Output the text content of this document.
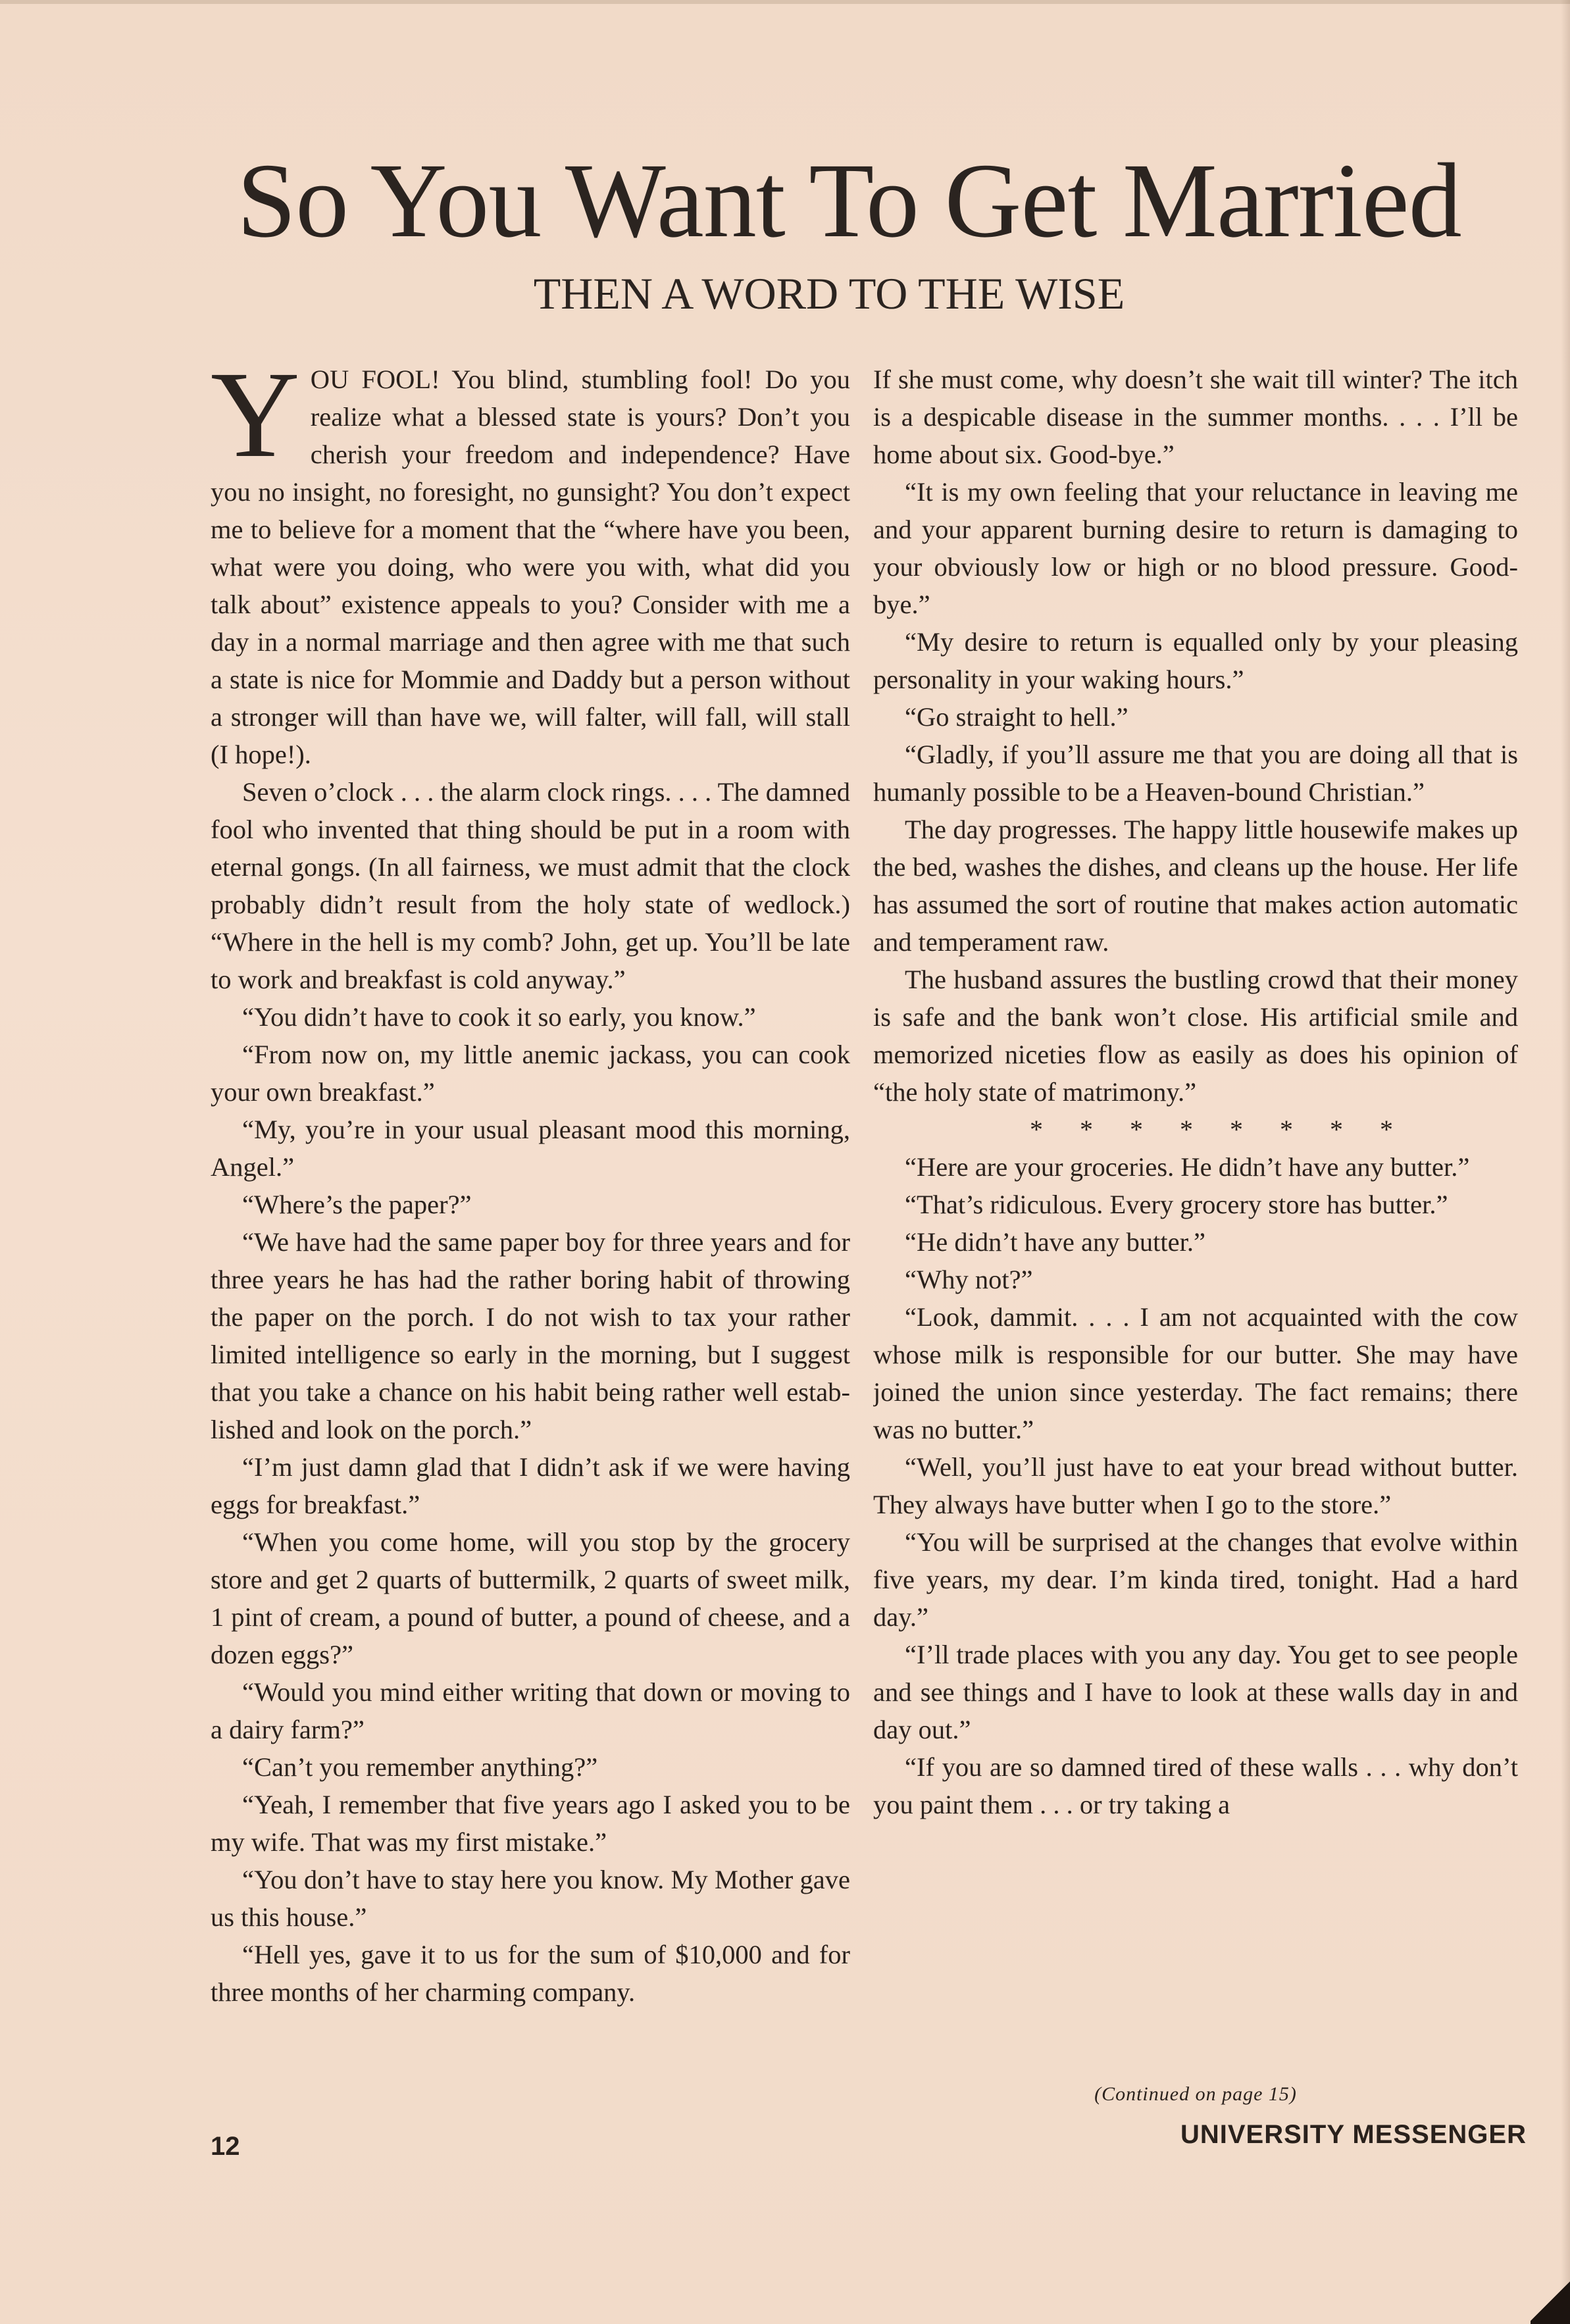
So You Want To Get Married
THEN A WORD TO THE WISE

YOU FOOL! You blind, stumbling fool! Do you realize what a blessed state is yours? Don’t you cherish your freedom and independence? Have you no insight, no foresight, no gunsight? You don’t expect me to believe for a moment that the “where have you been, what were you doing, who were you with, what did you talk about” existence appeals to you? Consider with me a day in a normal marriage and then agree with me that such a state is nice for Mommie and Daddy but a person without a stronger will than have we, will falter, will fall, will stall (I hope!).

Seven o’clock . . . the alarm clock rings. . . . The damned fool who invented that thing should be put in a room with eternal gongs. (In all fairness, we must admit that the clock probably didn’t result from the holy state of wedlock.) “Where in the hell is my comb? John, get up. You’ll be late to work and breakfast is cold anyway.”

“You didn’t have to cook it so early, you know.”

“From now on, my little anemic jackass, you can cook your own breakfast.”

“My, you’re in your usual pleasant mood this morning, Angel.”

“Where’s the paper?”

“We have had the same paper boy for three years and for three years he has had the rather boring habit of throwing the paper on the porch. I do not wish to tax your rather limited intelligence so early in the morning, but I suggest that you take a chance on his habit being rather well established and look on the porch.”

“I’m just damn glad that I didn’t ask if we were having eggs for breakfast.”

“When you come home, will you stop by the grocery store and get 2 quarts of buttermilk, 2 quarts of sweet milk, 1 pint of cream, a pound of butter, a pound of cheese, and a dozen eggs?”

“Would you mind either writing that down or moving to a dairy farm?”

“Can’t you remember anything?”

“Yeah, I remember that five years ago I asked you to be my wife. That was my first mistake.”

“You don’t have to stay here you know. My Mother gave us this house.”

“Hell yes, gave it to us for the sum of $10,000 and for three months of her charming company.

If she must come, why doesn’t she wait till winter? The itch is a despicable disease in the summer months. . . . I’ll be home about six. Good-bye.”

“It is my own feeling that your reluctance in leaving me and your apparent burning desire to return is damaging to your obviously low or high or no blood pressure. Good-bye.”

“My desire to return is equalled only by your pleasing personality in your waking hours.”

“Go straight to hell.”

“Gladly, if you’ll assure me that you are doing all that is humanly possible to be a Heaven-bound Christian.”

The day progresses. The happy little housewife makes up the bed, washes the dishes, and cleans up the house. Her life has assumed the sort of routine that makes action automatic and temperament raw.

The husband assures the bustling crowd that their money is safe and the bank won’t close. His artificial smile and memorized niceties flow as easily as does his opinion of “the holy state of matrimony.”

* * * * * * * *

“Here are your groceries. He didn’t have any butter.”

“That’s ridiculous. Every grocery store has butter.”

“He didn’t have any butter.”

“Why not?”

“Look, dammit. . . . I am not acquainted with the cow whose milk is responsible for our butter. She may have joined the union since yesterday. The fact remains; there was no butter.”

“Well, you’ll just have to eat your bread without butter. They always have butter when I go to the store.”

“You will be surprised at the changes that evolve within five years, my dear. I’m kinda tired, tonight. Had a hard day.”

“I’ll trade places with you any day. You get to see people and see things and I have to look at these walls day in and day out.”

“If you are so damned tired of these walls . . . why don’t you paint them . . . or try taking a

(Continued on page 15)
12	UNIVERSITY MESSENGER
